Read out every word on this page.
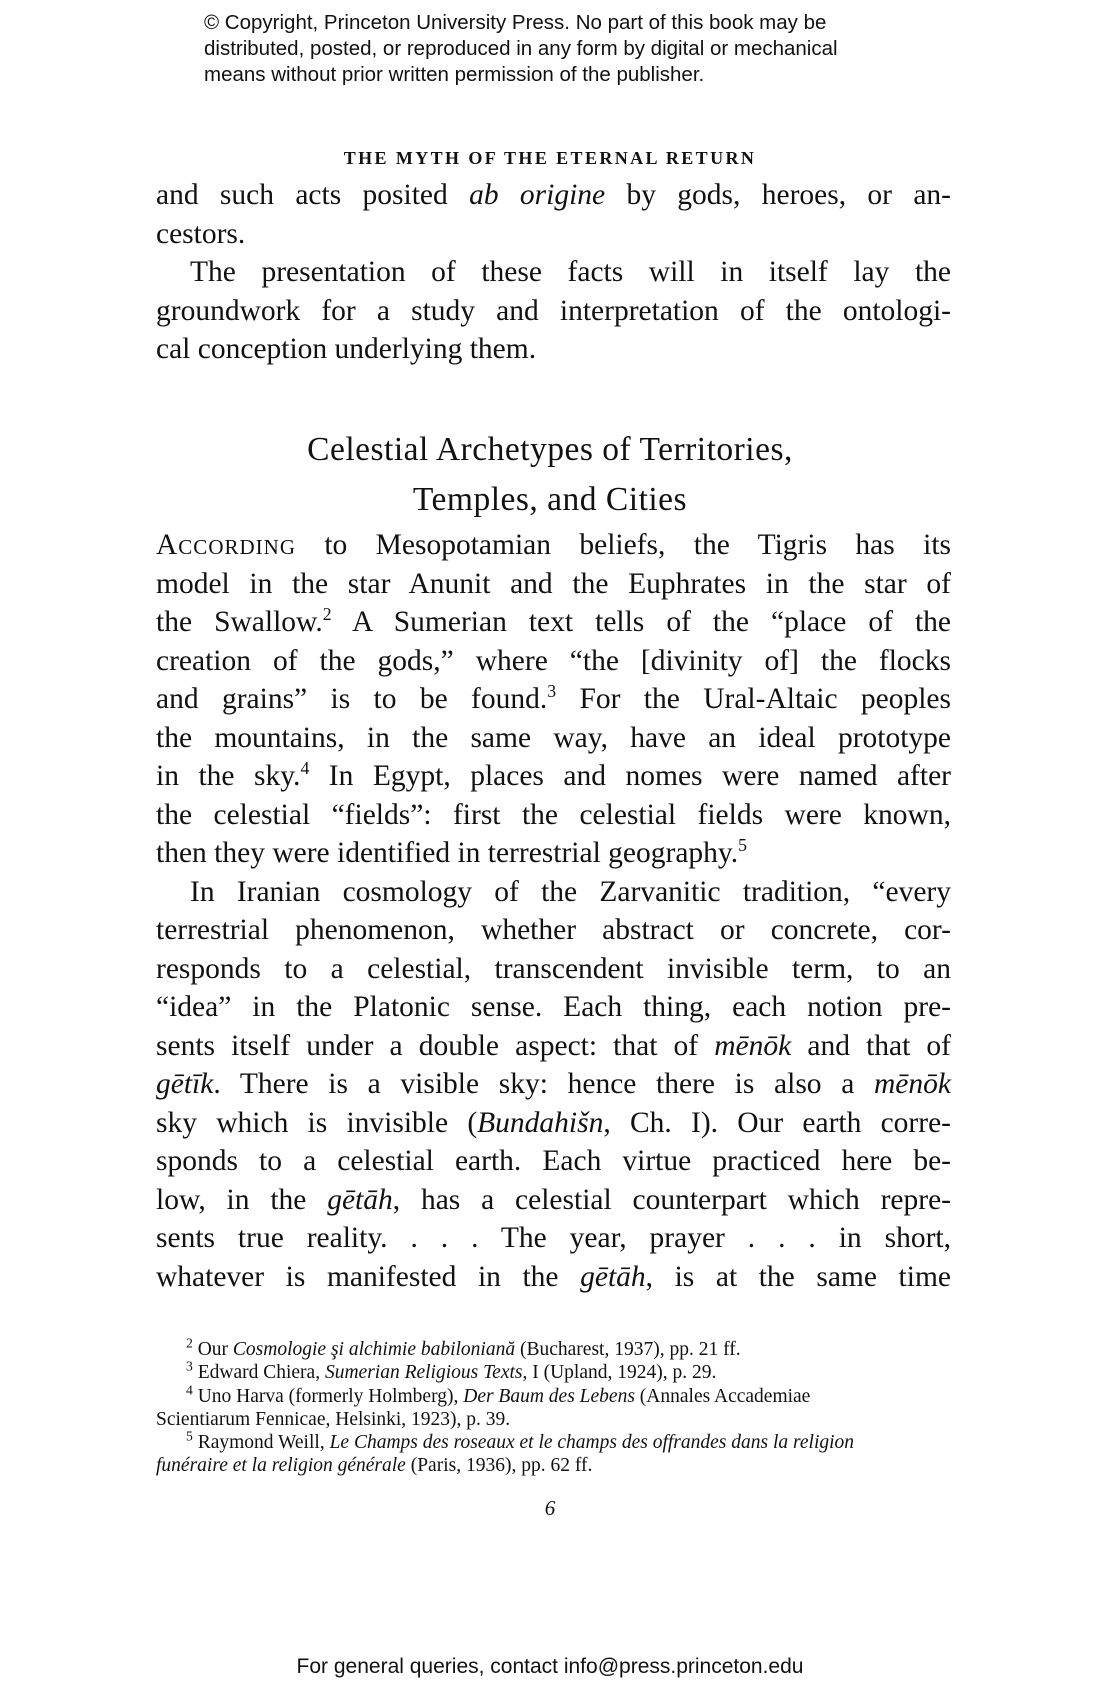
© Copyright, Princeton University Press. No part of this book may be
distributed, posted, or reproduced in any form by digital or mechanical
means without prior written permission of the publisher.
THE MYTH OF THE ETERNAL RETURN
and such acts posited ab origine by gods, heroes, or an-
cestors.
The presentation of these facts will in itself lay the
groundwork for a study and interpretation of the ontologi-
cal conception underlying them.
Celestial Archetypes of Territories,
Temples, and Cities
According to Mesopotamian beliefs, the Tigris has its
model in the star Anunit and the Euphrates in the star of
the Swallow.$^2$ A Sumerian text tells of the “place of the
creation of the gods,” where “the [divinity of] the flocks
and grains” is to be found.$^3$ For the Ural-Altaic peoples
the mountains, in the same way, have an ideal prototype
in the sky.$^4$ In Egypt, places and nomes were named after
the celestial “fields”: first the celestial fields were known,
then they were identified in terrestrial geography.$^5$
In Iranian cosmology of the Zarvanitic tradition, “every
terrestrial phenomenon, whether abstract or concrete, cor-
responds to a celestial, transcendent invisible term, to an
“idea” in the Platonic sense. Each thing, each notion pre-
sents itself under a double aspect: that of mēnōk and that of
gētīk. There is a visible sky: hence there is also a mēnōk
sky which is invisible (Bundahišn, Ch. I). Our earth corre-
sponds to a celestial earth. Each virtue practiced here be-
low, in the gētāh, has a celestial counterpart which repre-
sents true reality. . . . The year, prayer . . . in short,
whatever is manifested in the gētāh, is at the same time
$^2$ Our Cosmologie şi alchimie babiloniană (Bucharest, 1937), pp. 21 ff.
$^3$ Edward Chiera, Sumerian Religious Texts, I (Upland, 1924), p. 29.
$^4$ Uno Harva (formerly Holmberg), Der Baum des Lebens (Annales Accademiae
Scientiarum Fennicae, Helsinki, 1923), p. 39.
$^5$ Raymond Weill, Le Champs des roseaux et le champs des offrandes dans la religion
funéraire et la religion générale (Paris, 1936), pp. 62 ff.
6
For general queries, contact info@press.princeton.edu
